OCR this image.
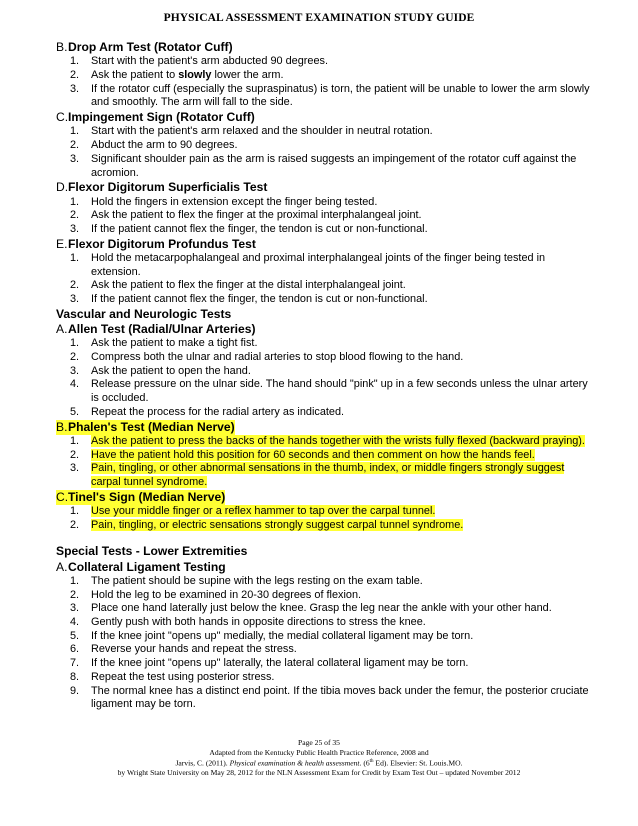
PHYSICAL ASSESSMENT EXAMINATION STUDY GUIDE
B. Drop Arm Test (Rotator Cuff)
1.	Start with the patient's arm abducted 90 degrees.
2.	Ask the patient to slowly lower the arm.
3.	If the rotator cuff (especially the supraspinatus) is torn, the patient will be unable to lower the arm slowly and smoothly. The arm will fall to the side.
C. Impingement Sign (Rotator Cuff)
1.	Start with the patient's arm relaxed and the shoulder in neutral rotation.
2.	Abduct the arm to 90 degrees.
3.	Significant shoulder pain as the arm is raised suggests an impingement of the rotator cuff against the acromion.
D. Flexor Digitorum Superficialis Test
1.	Hold the fingers in extension except the finger being tested.
2.	Ask the patient to flex the finger at the proximal interphalangeal joint.
3.	If the patient cannot flex the finger, the tendon is cut or non-functional.
E. Flexor Digitorum Profundus Test
1.	Hold the metacarpophalangeal and proximal interphalangeal joints of the finger being tested in extension.
2.	Ask the patient to flex the finger at the distal interphalangeal joint.
3.	If the patient cannot flex the finger, the tendon is cut or non-functional.
Vascular and Neurologic Tests
A. Allen Test (Radial/Ulnar Arteries)
1.	Ask the patient to make a tight fist.
2.	Compress both the ulnar and radial arteries to stop blood flowing to the hand.
3.	Ask the patient to open the hand.
4.	Release pressure on the ulnar side. The hand should "pink" up in a few seconds unless the ulnar artery is occluded.
5.	Repeat the process for the radial artery as indicated.
B. Phalen's Test (Median Nerve)
1.	Ask the patient to press the backs of the hands together with the wrists fully flexed (backward praying).
2.	Have the patient hold this position for 60 seconds and then comment on how the hands feel.
3.	Pain, tingling, or other abnormal sensations in the thumb, index, or middle fingers strongly suggest carpal tunnel syndrome.
C. Tinel's Sign (Median Nerve)
1.	Use your middle finger or a reflex hammer to tap over the carpal tunnel.
2.	Pain, tingling, or electric sensations strongly suggest carpal tunnel syndrome.
Special Tests - Lower Extremities
A. Collateral Ligament Testing
1.	The patient should be supine with the legs resting on the exam table.
2.	Hold the leg to be examined in 20-30 degrees of flexion.
3.	Place one hand laterally just below the knee. Grasp the leg near the ankle with your other hand.
4.	Gently push with both hands in opposite directions to stress the knee.
5.	If the knee joint "opens up" medially, the medial collateral ligament may be torn.
6.	Reverse your hands and repeat the stress.
7.	If the knee joint "opens up" laterally, the lateral collateral ligament may be torn.
8.	Repeat the test using posterior stress.
9.	The normal knee has a distinct end point. If the tibia moves back under the femur, the posterior cruciate ligament may be torn.
Page 25 of 35
Adapted from the Kentucky Public Health Practice Reference, 2008 and
Jarvis, C. (2011). Physical examination & health assessment. (6th Ed). Elsevier: St. Louis.MO.
by Wright State University on May 28, 2012 for the NLN Assessment Exam for Credit by Exam Test Out – updated November 2012
